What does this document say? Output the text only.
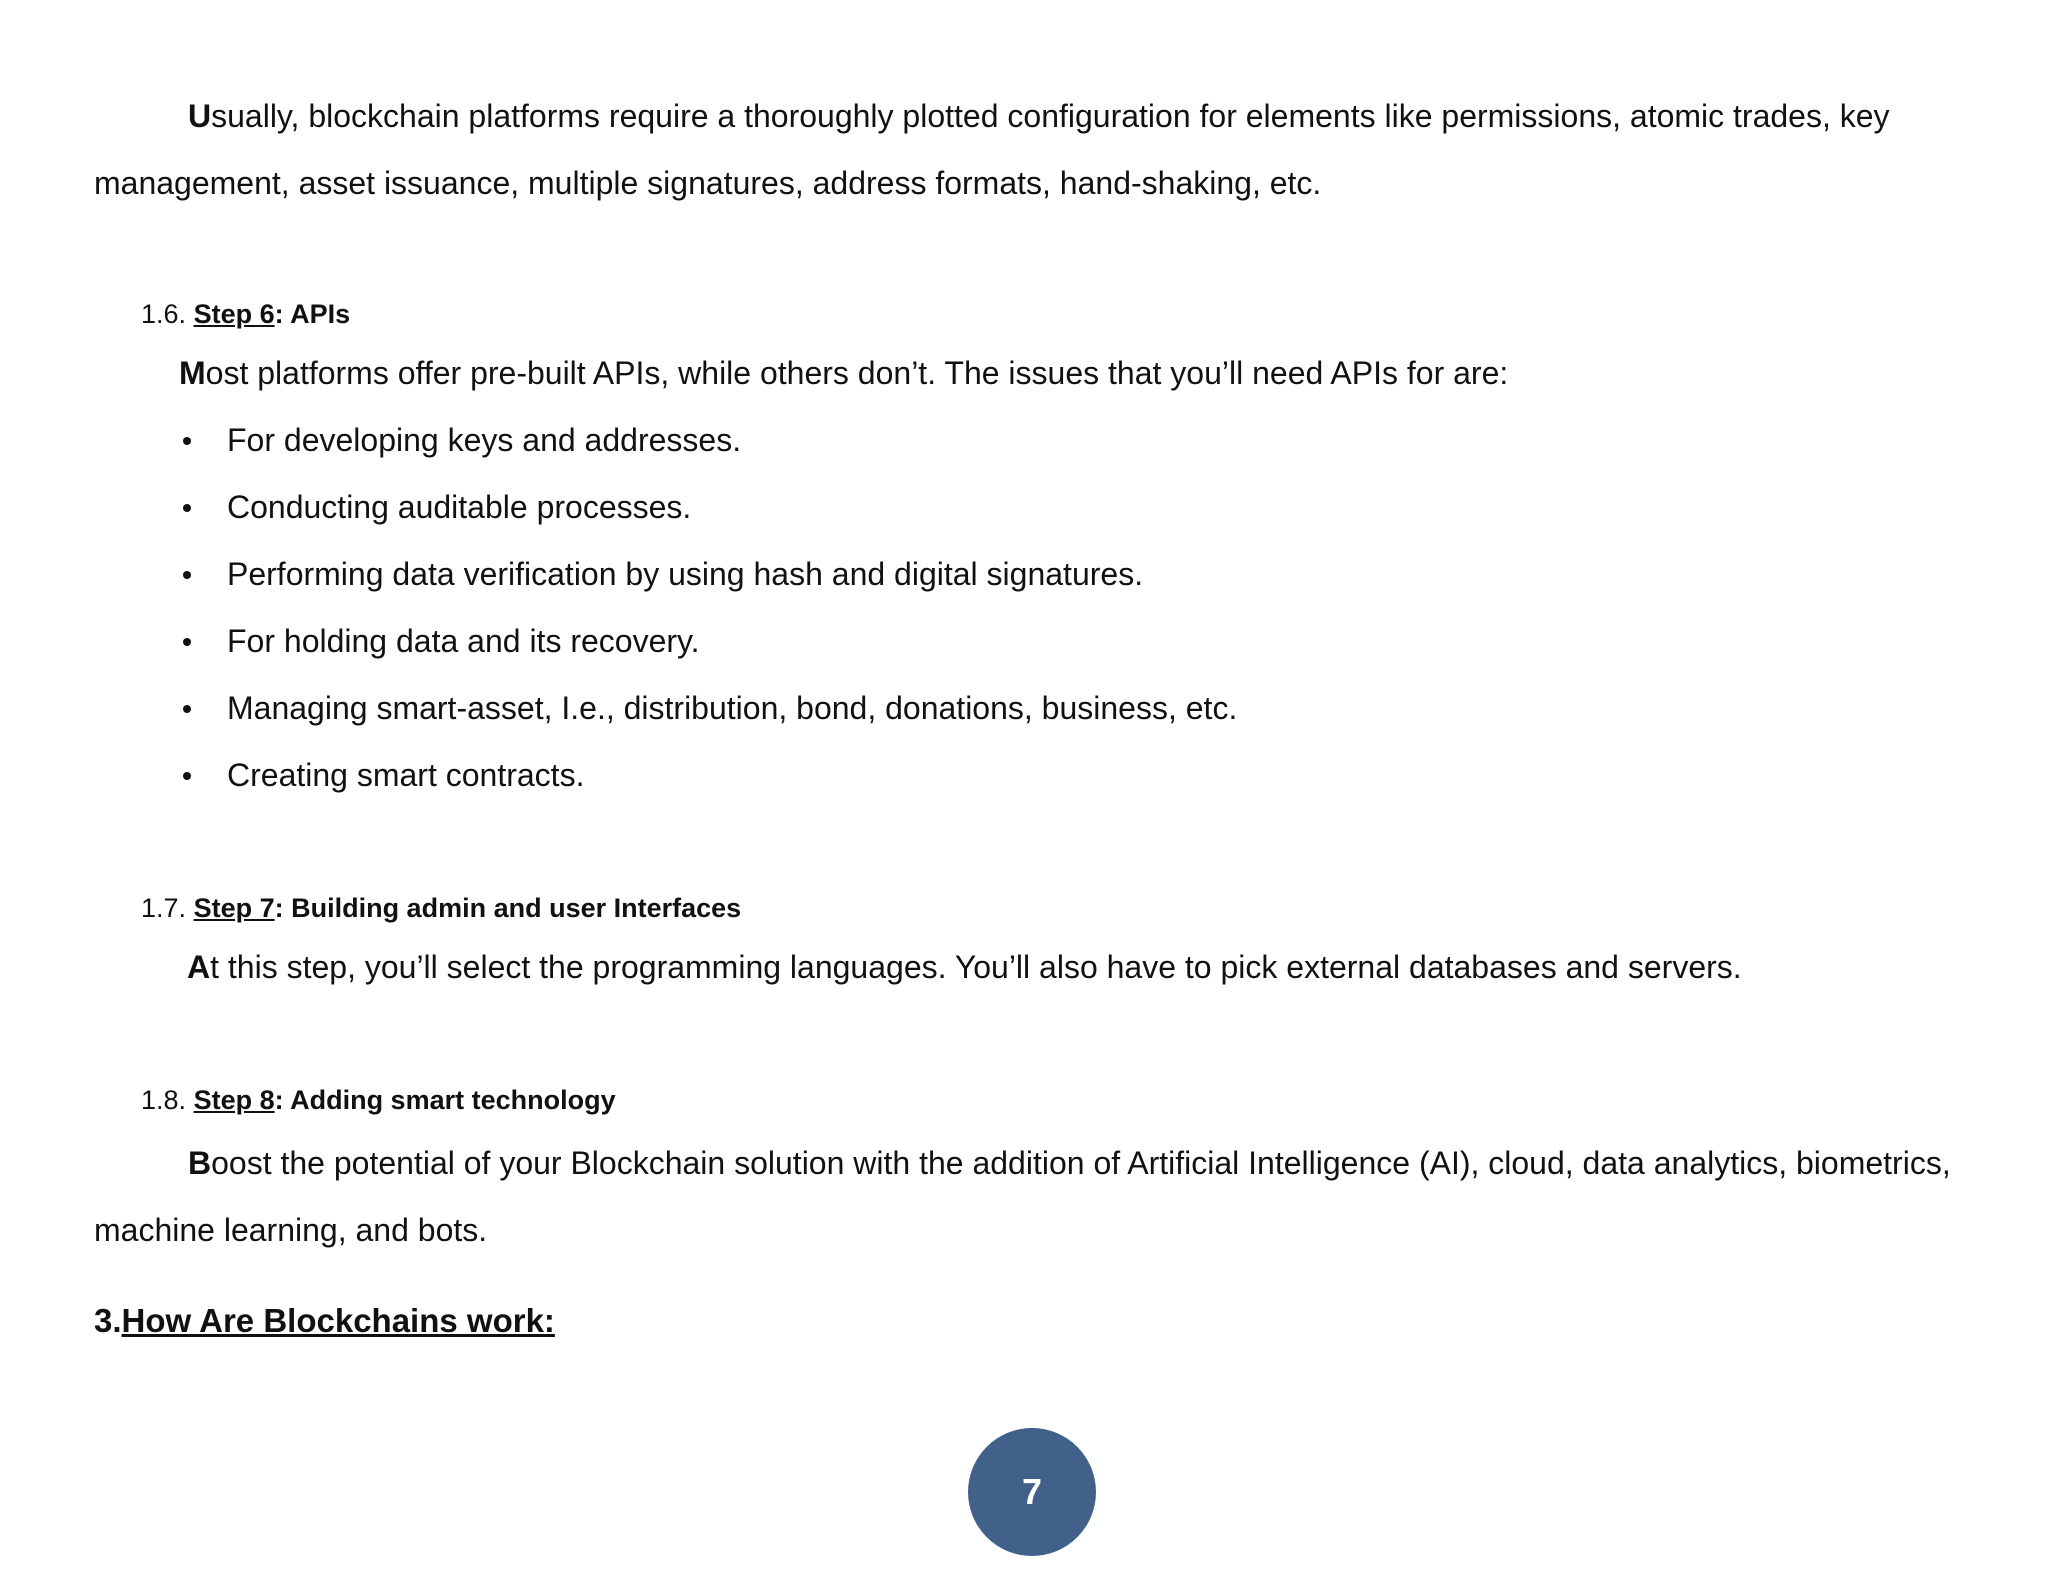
Usually, blockchain platforms require a thoroughly plotted configuration for elements like permissions, atomic trades, key management, asset issuance, multiple signatures, address formats, hand-shaking, etc.
1.6. Step 6: APIs
Most platforms offer pre-built APIs, while others don’t. The issues that you’ll need APIs for are:
For developing keys and addresses.
Conducting auditable processes.
Performing data verification by using hash and digital signatures.
For holding data and its recovery.
Managing smart-asset, I.e., distribution, bond, donations, business, etc.
Creating smart contracts.
1.7. Step 7: Building admin and user Interfaces
At this step, you’ll select the programming languages. You’ll also have to pick external databases and servers.
1.8. Step 8: Adding smart technology
Boost the potential of your Blockchain solution with the addition of Artificial Intelligence (AI), cloud, data analytics, biometrics, machine learning, and bots.
3.How Are Blockchains work:
7
